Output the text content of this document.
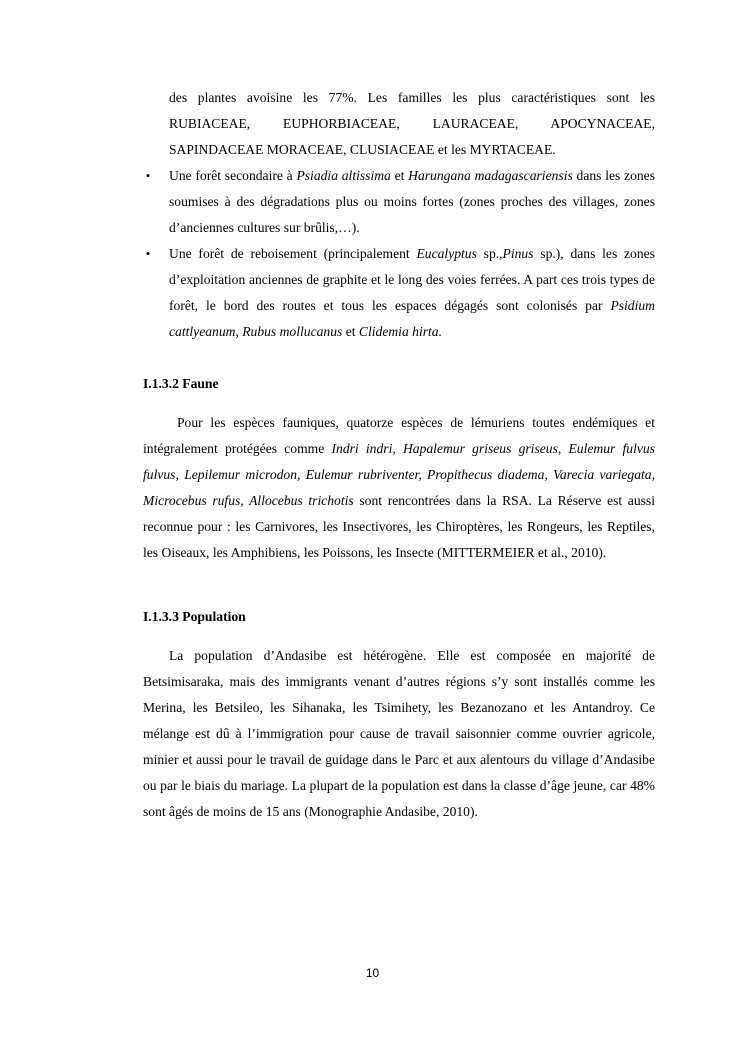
des plantes avoisine les 77%. Les familles les plus caractéristiques sont les RUBIACEAE, EUPHORBIACEAE, LAURACEAE, APOCYNACEAE, SAPINDACEAE MORACEAE, CLUSIACEAE et les MYRTACEAE.

• Une forêt secondaire à Psiadia altissima et Harungana madagascariensis dans les zones soumises à des dégradations plus ou moins fortes (zones proches des villages, zones d’anciennes cultures sur brûlis,…).

• Une forêt de reboisement (principalement Eucalyptus sp.,Pinus sp.), dans les zones d’exploitation anciennes de graphite et le long des voies ferrées. A part ces trois types de forêt, le bord des routes et tous les espaces dégagés sont colonisés par Psidium cattlyeanum, Rubus mollucanus et Clidemia hirta.

I.1.3.2 Faune

Pour les espèces fauniques, quatorze espèces de lémuriens toutes endémiques et intégralement protégées comme Indri indri, Hapalemur griseus griseus, Eulemur fulvus fulvus, Lepilemur microdon, Eulemur rubriventer, Propithecus diadema, Varecia variegata, Microcebus rufus, Allocebus trichotis sont rencontrées dans la RSA. La Réserve est aussi reconnue pour : les Carnivores, les Insectivores, les Chiroptères, les Rongeurs, les Reptiles, les Oiseaux, les Amphibiens, les Poissons, les Insecte (MITTERMEIER et al., 2010).

I.1.3.3 Population

La population d’Andasibe est hétérogène. Elle est composée en majorité de Betsimisaraka, mais des immigrants venant d’autres régions s’y sont installés comme les Merina, les Betsileo, les Sihanaka, les Tsimihety, les Bezanozano et les Antandroy. Ce mélange est dû à l’immigration pour cause de travail saisonnier comme ouvrier agricole, minier et aussi pour le travail de guidage dans le Parc et aux alentours du village d’Andasibe ou par le biais du mariage. La plupart de la population est dans la classe d’âge jeune, car 48% sont âgés de moins de 15 ans (Monographie Andasibe, 2010).

10
